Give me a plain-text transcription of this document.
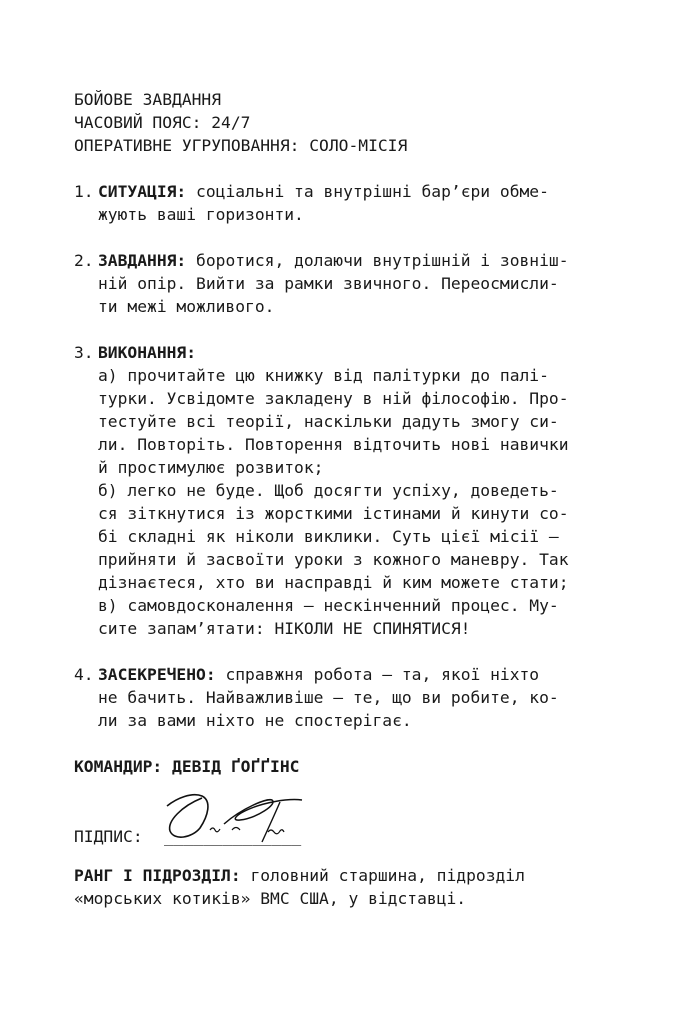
БОЙОВЕ ЗАВДАННЯ
ЧАСОВИЙ ПОЯС: 24/7
ОПЕРАТИВНЕ УГРУПОВАННЯ: СОЛО-МІСІЯ
1. СИТУАЦІЯ: соціальні та внутрішні бар’єри обме-
жують ваші горизонти.
2. ЗАВДАННЯ: боротися, долаючи внутрішній і зовніш-
ній опір. Вийти за рамки звичного. Переосмисли-
ти межі можливого.
3. ВИКОНАННЯ:
а) прочитайте цю книжку від палітурки до палі-
турки. Усвідомте закладену в ній філософію. Про-
тестуйте всі теорії, наскільки дадуть змогу си-
ли. Повторіть. Повторення відточить нові навички
й простимулює розвиток;
б) легко не буде. Щоб досягти успіху, доведеть-
ся зіткнутися із жорсткими істинами й кинути со-
бі складні як ніколи виклики. Суть цієї місії —
прийняти й засвоїти уроки з кожного маневру. Так
дізнаєтеся, хто ви насправді й ким можете стати;
в) самовдосконалення — нескінченний процес. Му-
сите запам’ятати: НІКОЛИ НЕ СПИНЯТИСЯ!
4. ЗАСЕКРЕЧЕНО: справжня робота — та, якої ніхто
не бачить. Найважливіше — те, що ви робите, ко-
ли за вами ніхто не спостерігає.
КОМАНДИР: ДЕВІД ҐОҐҐІНС
ПІДПИС: ______________
РАНГ І ПІДРОЗДІЛ: головний старшина, підрозділ
«морських котиків» ВМС США, у відставці.
